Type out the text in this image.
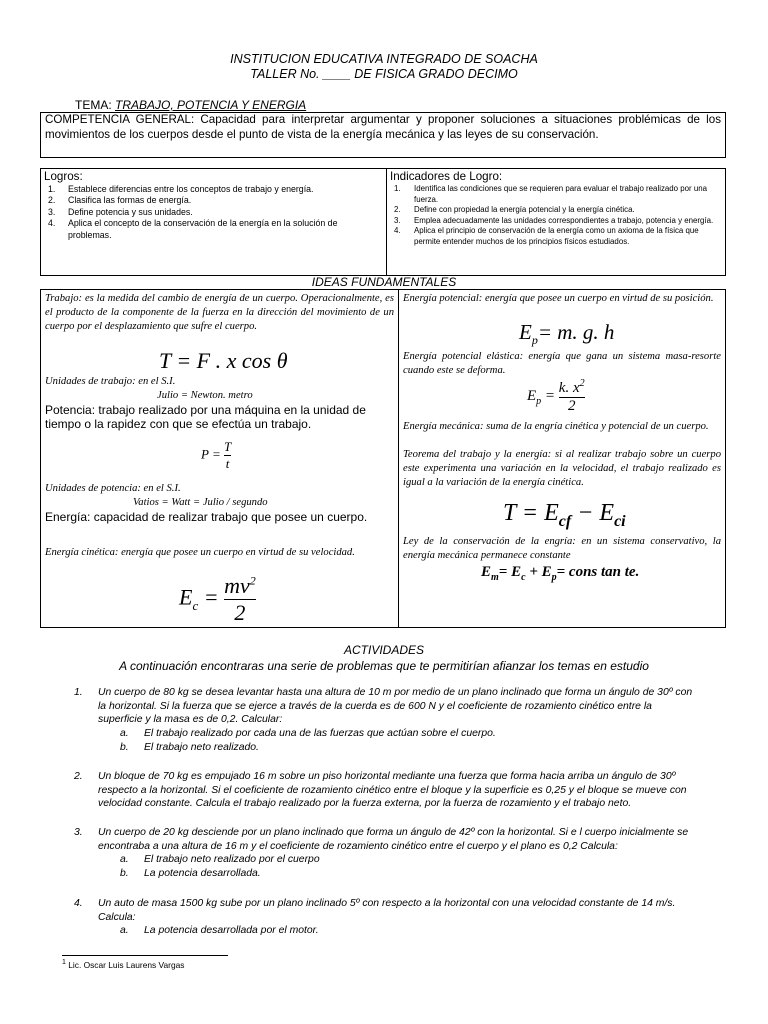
INSTITUCION EDUCATIVA INTEGRADO DE SOACHA
TALLER No. ____ DE FISICA GRADO DECIMO
TEMA: TRABAJO, POTENCIA Y ENERGIA
COMPETENCIA GENERAL: Capacidad para interpretar argumentar y proponer soluciones a situaciones problémicas de los movimientos de los cuerpos desde el punto de vista de la energía mecánica y las leyes de su conservación.
Logros:
1. Establece diferencias entre los conceptos de trabajo y energía.
2. Clasifica las formas de energía.
3. Define potencia y sus unidades.
4. Aplica el concepto de la conservación de la energía en la solución de problemas.
Indicadores de Logro:
1. Identifica las condiciones que se requieren para evaluar el trabajo realizado por una fuerza.
2. Define con propiedad la energía potencial y la energía cinética.
3. Emplea adecuadamente las unidades correspondientes a trabajo, potencia y energía.
4. Aplica el principio de conservación de la energía como un axioma de la física que permite entender muchos de los principios físicos estudiados.
IDEAS FUNDAMENTALES
Trabajo: es la medida del cambio de energía de un cuerpo. Operacionalmente, es el producto de la componente de la fuerza en la dirección del movimiento de un cuerpo por el desplazamiento que sufre el cuerpo.
T = F . x cos θ
Unidades de trabajo: en el S.I.
Julio = Newton. metro
Potencia: trabajo realizado por una máquina en la unidad de tiempo o la rapidez con que se efectúa un trabajo.
$P = \frac{T}{t}$
Unidades de potencia: en el S.I.
Vatios = Watt = Julio / segundo
Energía: capacidad de realizar trabajo que posee un cuerpo.
Energía cinética: energía que posee un cuerpo en virtud de su velocidad.
$E_c = \frac{mv^2}{2}$
Energía potencial: energía que posee un cuerpo en virtud de su posición.
$E_p= m$. g. h
Energía potencial elástica: energía que gana un sistema masa-resorte cuando este se deforma.
$E_p = \frac{k. x^2}{2}$
Energía mecánica: suma de la engría cinética y potencial de un cuerpo.
Teorema del trabajo y la energía: si al realizar trabajo sobre un cuerpo este experimenta una variación en la velocidad, el trabajo realizado es igual a la variación de la energía cinética.
$T = E_{cf} - E_{ci}$
Ley de la conservación de la engría: en un sistema conservativo, la energía mecánica permanece constante
$E_m= E_c + E_p=$ cons tan te.
ACTIVIDADES
A continuación encontraras una serie de problemas que te permitirían afianzar los temas en estudio
1. Un cuerpo de 80 kg se desea levantar hasta una altura de 10 m por medio de un plano inclinado que forma un ángulo de 30º con la horizontal. Si la fuerza que se ejerce a través de la cuerda es de 600 N y el coeficiente de rozamiento cinético entre la superficie y la masa es de 0,2. Calcular:
2. Un bloque de 70 kg es empujado 16 m sobre un piso horizontal mediante una fuerza que forma hacia arriba un ángulo de 30º respecto a la horizontal. Si el coeficiente de rozamiento cinético entre el bloque y la superficie es 0,25 y el bloque se mueve con velocidad constante. Calcula el trabajo realizado por la fuerza externa, por la fuerza de rozamiento y el trabajo neto.
3. Un cuerpo de 20 kg desciende por un plano inclinado que forma un ángulo de 42º con la horizontal. Si e l cuerpo inicialmente se encontraba a una altura de 16 m y el coeficiente de rozamiento cinético entre el cuerpo y el plano es 0,2 Calcula:
4. Un auto de masa 1500 kg sube por un plano inclinado 5º con respecto a la horizontal con una velocidad constante de 14 m/s. Calcula:
a. El trabajo realizado por cada una de las fuerzas que actúan sobre el cuerpo.
b. El trabajo neto realizado.
a. El trabajo neto realizado por el cuerpo
b. La potencia desarrollada.
a. La potencia desarrollada por el motor.
$^1$ Lic. Oscar Luis Laurens Vargas
